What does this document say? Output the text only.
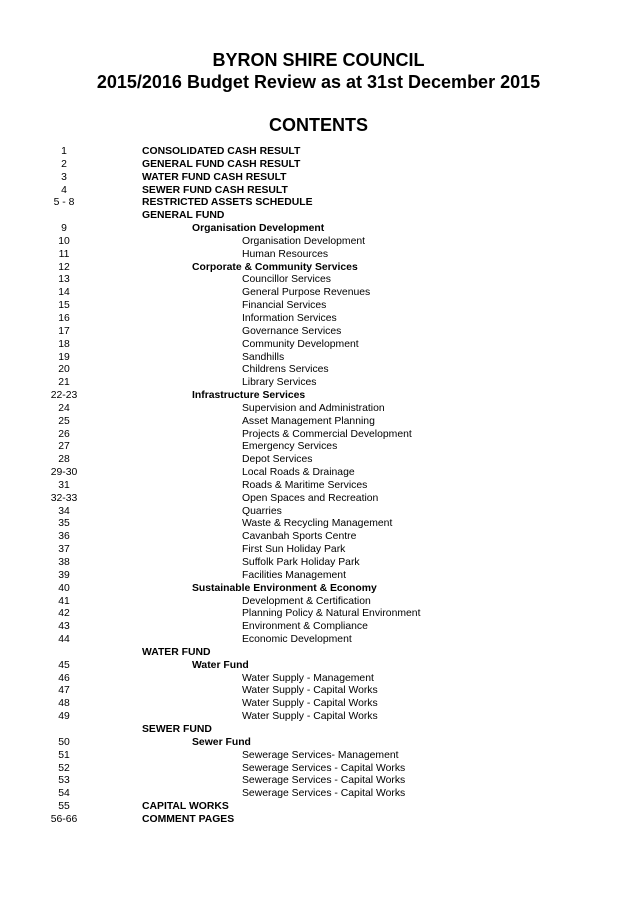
BYRON SHIRE COUNCIL
2015/2016 Budget Review as at 31st December 2015
CONTENTS
1	CONSOLIDATED CASH RESULT
2	GENERAL FUND CASH RESULT
3	WATER FUND CASH RESULT
4	SEWER FUND CASH RESULT
5 - 8	RESTRICTED ASSETS SCHEDULE
GENERAL FUND
9	Organisation Development
10	Organisation Development
11	Human Resources
12	Corporate & Community Services
13	Councillor Services
14	General Purpose Revenues
15	Financial Services
16	Information Services
17	Governance Services
18	Community Development
19	Sandhills
20	Childrens Services
21	Library Services
22-23	Infrastructure Services
24	Supervision and Administration
25	Asset Management Planning
26	Projects & Commercial Development
27	Emergency Services
28	Depot Services
29-30	Local Roads & Drainage
31	Roads & Maritime Services
32-33	Open Spaces and Recreation
34	Quarries
35	Waste & Recycling Management
36	Cavanbah Sports Centre
37	First Sun Holiday Park
38	Suffolk Park Holiday Park
39	Facilities Management
40	Sustainable Environment & Economy
41	Development & Certification
42	Planning Policy & Natural Environment
43	Environment & Compliance
44	Economic Development
WATER FUND
45	Water Fund
46	Water Supply - Management
47	Water Supply - Capital Works
48	Water Supply - Capital Works
49	Water Supply - Capital Works
SEWER FUND
50	Sewer Fund
51	Sewerage Services- Management
52	Sewerage Services - Capital Works
53	Sewerage Services - Capital Works
54	Sewerage Services - Capital Works
55	CAPITAL WORKS
56-66	COMMENT PAGES
